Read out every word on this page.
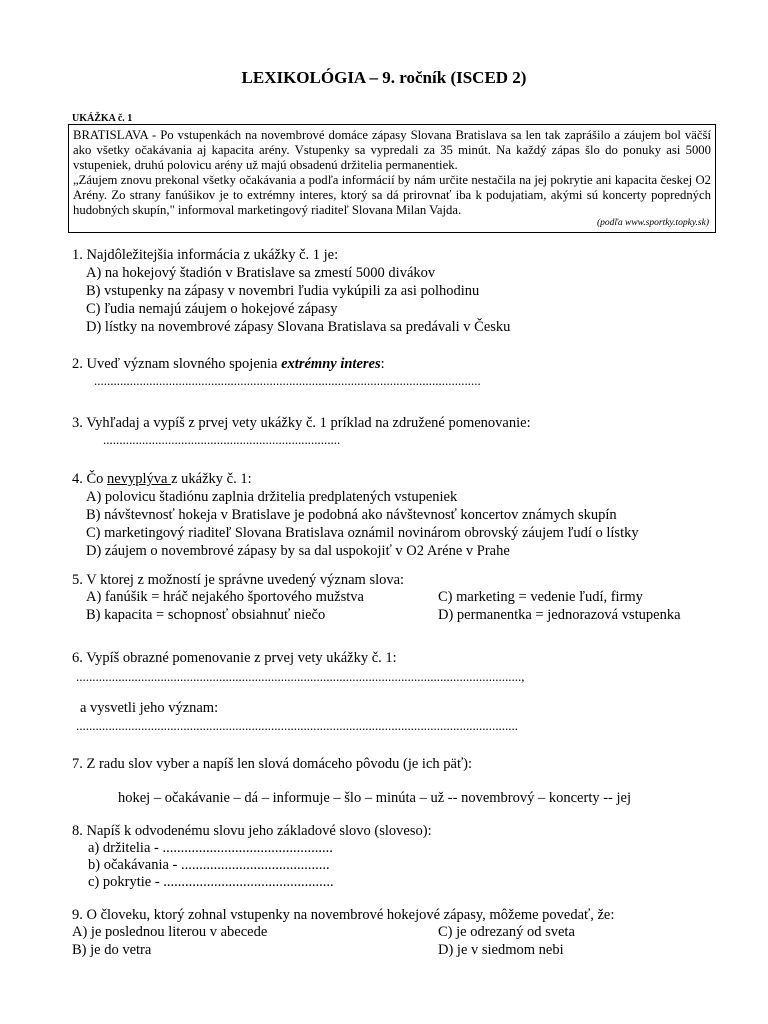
LEXIKOLÓGIA – 9. ročník (ISCED 2)
UKÁŽKA č. 1

BRATISLAVA - Po vstupenkách na novembrové domáce zápasy Slovana Bratislava sa len tak zaprášilo a záujem bol väčší ako všetky očakávania aj kapacita arény. Vstupenky sa vypredali za 35 minút. Na každý zápas šlo do ponuky asi 5000 vstupeniek, druhú polovicu arény už majú obsadenú držitelia permanentiek.

„Záujem znovu prekonal všetky očakávania a podľa informácií by nám určite nestačila na jej pokrytie ani kapacita českej O2 Arény. Zo strany fanúšikov je to extrémny interes, ktorý sa dá prirovnať iba k podujatiam, akými sú koncerty popredných hudobných skupín," informoval marketingový riaditeľ Slovana Milan Vajda.

(podľa www.sportky.topky.sk)
1. Najdôležitejšia informácia z ukážky č. 1 je:
A) na hokejový štadión v Bratislave sa zmestí 5000 divákov
B) vstupenky na zápasy v novembri ľudia vykúpili za asi polhodinu
C) ľudia nemajú záujem o hokejové zápasy
D) lístky na novembrové zápasy Slovana Bratislava sa predávali v Česku
2. Uveď význam slovného spojenia extrémny interes:
.......................................................................................................................
3. Vyhľadaj a vypíš z prvej vety ukážky č. 1 príklad na združené pomenovanie:
.........................................................................
4. Čo nevyplýva z ukážky č. 1:
A) polovicu štadiónu zaplnia držitelia predplatených vstupeniek
B) návštevnosť hokeja v Bratislave je podobná ako návštevnosť koncertov známych skupín
C) marketingový riaditeľ Slovana Bratislava oznámil novinárom obrovský záujem ľudí o lístky
D) záujem o novembrové zápasy by sa dal uspokojiť v O2 Aréne v Prahe
5. V ktorej z možností je správne uvedený význam slova:
A) fanúšik = hráč nejakého športového mužstva
B) kapacita = schopnosť obsiahnuť niečo
C) marketing = vedenie ľudí, firmy
D) permanentka = jednorazová vstupenka
6. Vypíš obrazné pomenovanie z prvej vety ukážky č. 1:
.........................................................................................................................................,
a vysvetli jeho význam:
........................................................................................................................................
7. Z radu slov vyber a napíš len slová domáceho pôvodu (je ich päť):
hokej – očakávanie – dá – informuje – šlo – minúta – už -- novembrový – koncerty -- jej
8. Napíš k odvodenému slovu jeho základové slovo (sloveso):
a) držitelia - ...............................................
b) očakávania - .........................................
c) pokrytie - ...............................................
9. O človeku, ktorý zohnal vstupenky na novembrové hokejové zápasy, môžeme povedať, že:
A) je poslednou literou v abecede
B) je do vetra
C) je odrezaný od sveta
D) je v siedmom nebi
